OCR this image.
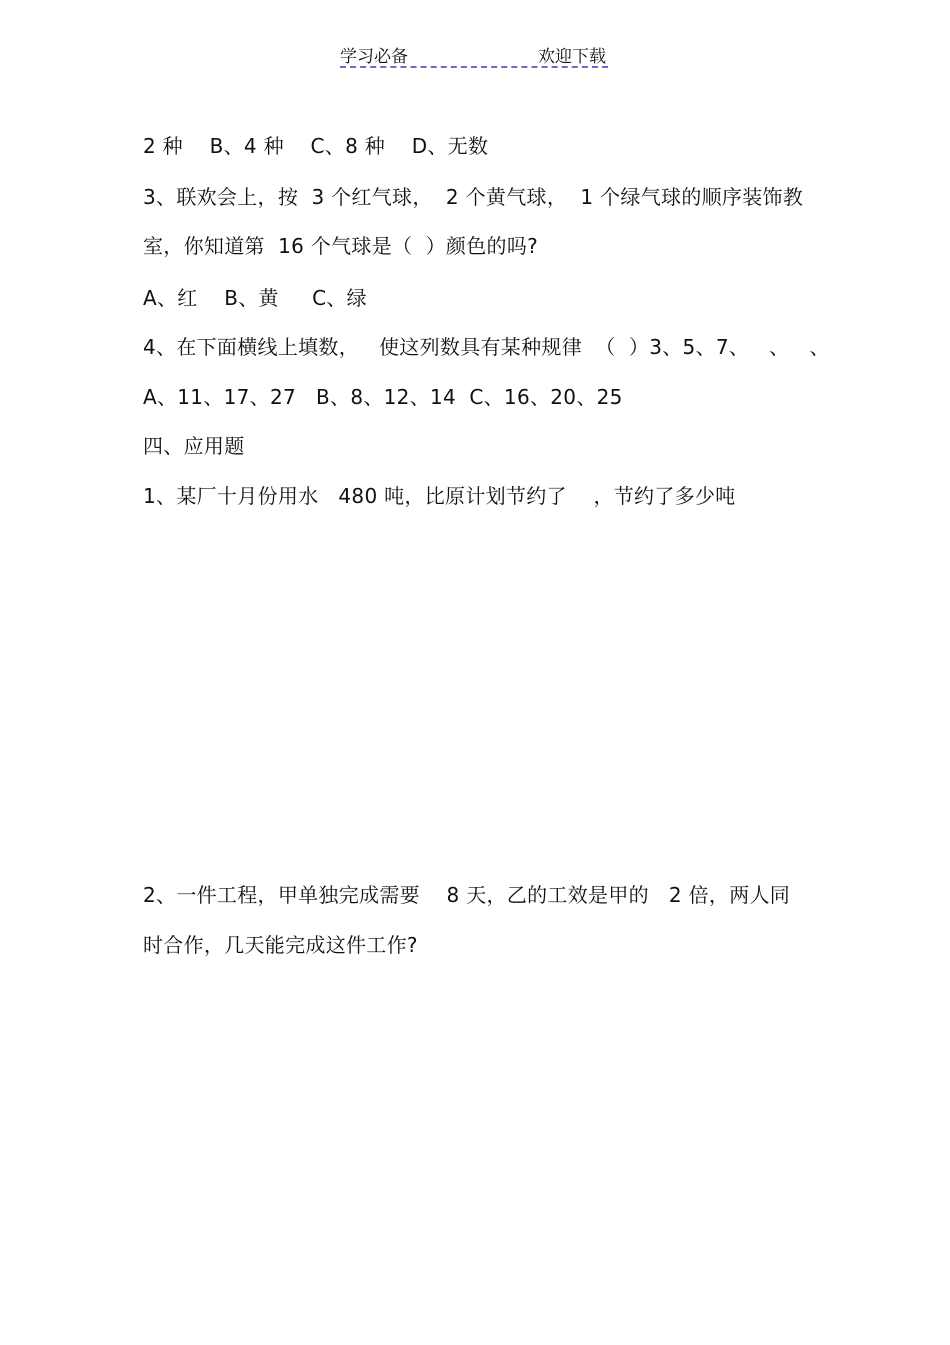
学习必备	欢迎下载
2 种    B、4 种    C、8 种    D、无数
3、联欢会上，按  3 个红气球，  2 个黄气球，  1 个绿气球的顺序装饰教
室，你知道第  16 个气球是（  ）颜色的吗?
A、红    B、黄     C、绿
4、在下面横线上填数，   使这列数具有某种规律  （  ）3、5、7、   、   、
A、11、17、27   B、8、12、14  C、16、20、25
四、应用题
1、某厂十月份用水   480 吨，比原计划节约了    ，节约了多少吨
2、一件工程，甲单独完成需要    8 天，乙的工效是甲的   2 倍，两人同
时合作，几天能完成这件工作?
